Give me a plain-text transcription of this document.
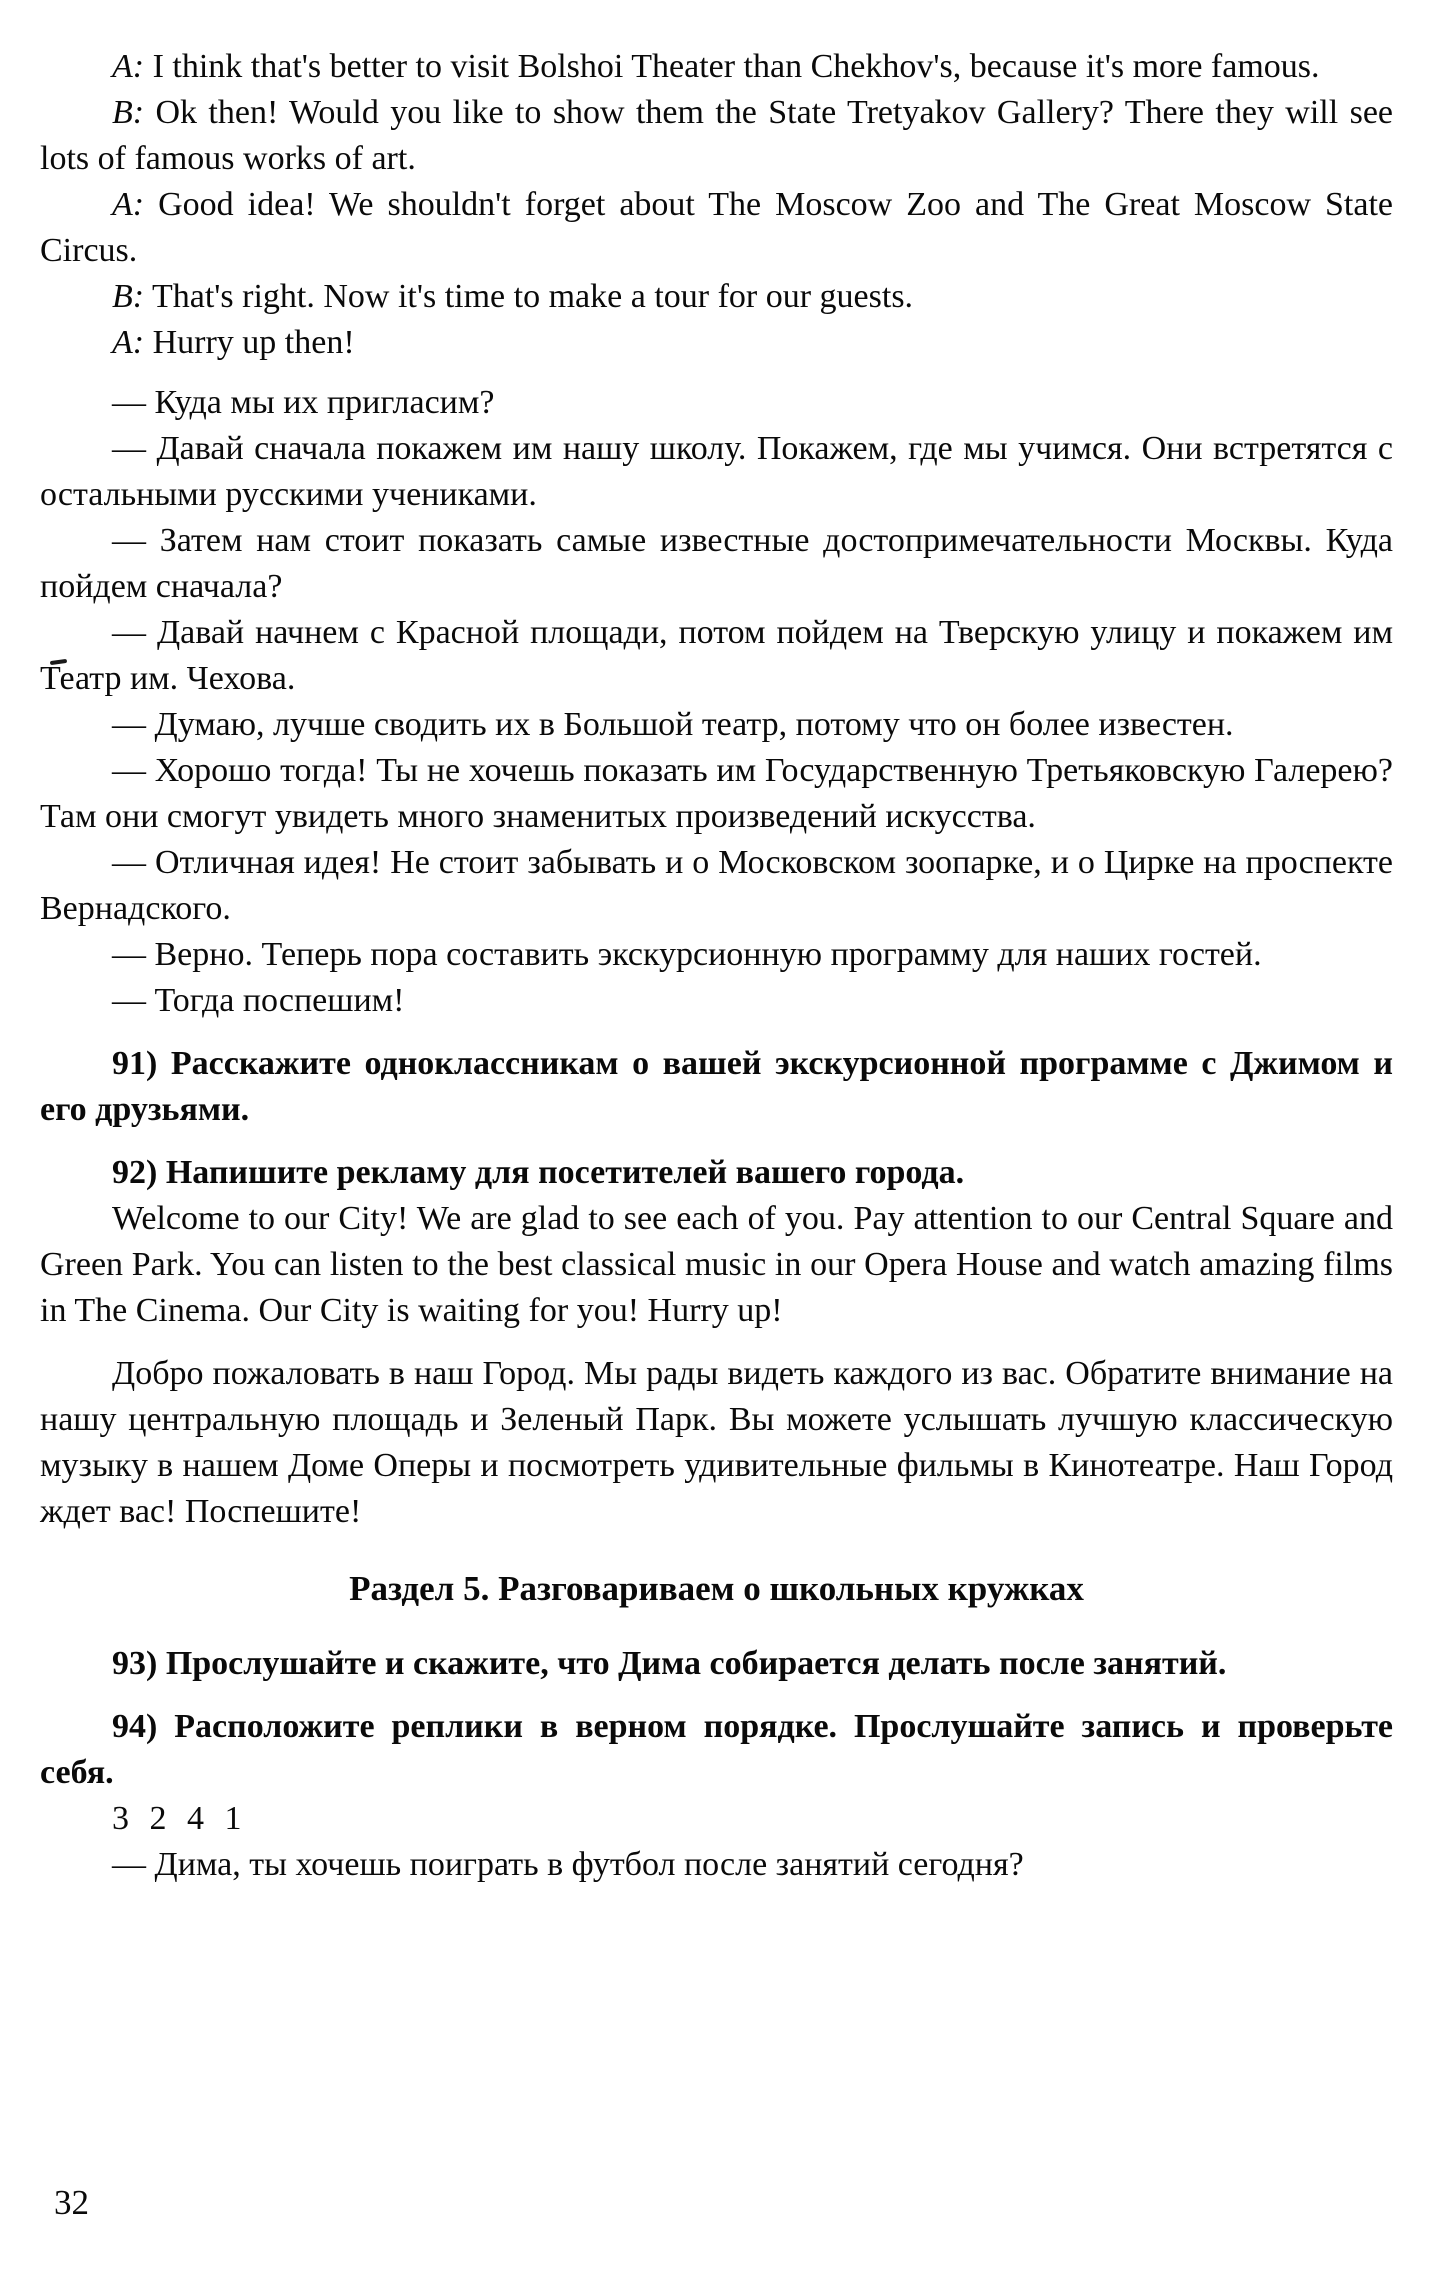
A: I think that's better to visit Bolshoi Theater than Chekhov's, because it's more famous.

B: Ok then! Would you like to show them the State Tretyakov Gallery? There they will see lots of famous works of art.

A: Good idea! We shouldn't forget about The Moscow Zoo and The Great Moscow State Circus.

B: That's right. Now it's time to make a tour for our guests.

A: Hurry up then!

— Куда мы их пригласим?

— Давай сначала покажем им нашу школу. Покажем, где мы учимся. Они встретятся с остальными русскими учениками.

— Затем нам стоит показать самые известные достопримечательности Москвы. Куда пойдем сначала?

— Давай начнем с Красной площади, потом пойдем на Тверскую улицу и покажем им Театр им. Чехова.

— Думаю, лучше сводить их в Большой театр, потому что он более известен.

— Хорошо тогда! Ты не хочешь показать им Государственную Третьяковскую Галерею? Там они смогут увидеть много знаменитых произведений искусства.

— Отличная идея! Не стоит забывать и о Московском зоопарке, и о Цирке на проспекте Вернадского.

— Верно. Теперь пора составить экскурсионную программу для наших гостей.

— Тогда поспешим!

91) Расскажите одноклассникам о вашей экскурсионной программе с Джимом и его друзьями.

92) Напишите рекламу для посетителей вашего города.

Welcome to our City! We are glad to see each of you. Pay attention to our Central Square and Green Park. You can listen to the best classical music in our Opera House and watch amazing films in The Cinema. Our City is waiting for you! Hurry up!

Добро пожаловать в наш Город. Мы рады видеть каждого из вас. Обратите внимание на нашу центральную площадь и Зеленый Парк. Вы можете услышать лучшую классическую музыку в нашем Доме Оперы и посмотреть удивительные фильмы в Кинотеатре. Наш Город ждет вас! Поспешите!

Раздел 5. Разговариваем о школьных кружках

93) Прослушайте и скажите, что Дима собирается делать после занятий.

94) Расположите реплики в верном порядке. Прослушайте запись и проверьте себя.

3 2 4 1

— Дима, ты хочешь поиграть в футбол после занятий сегодня?

32
